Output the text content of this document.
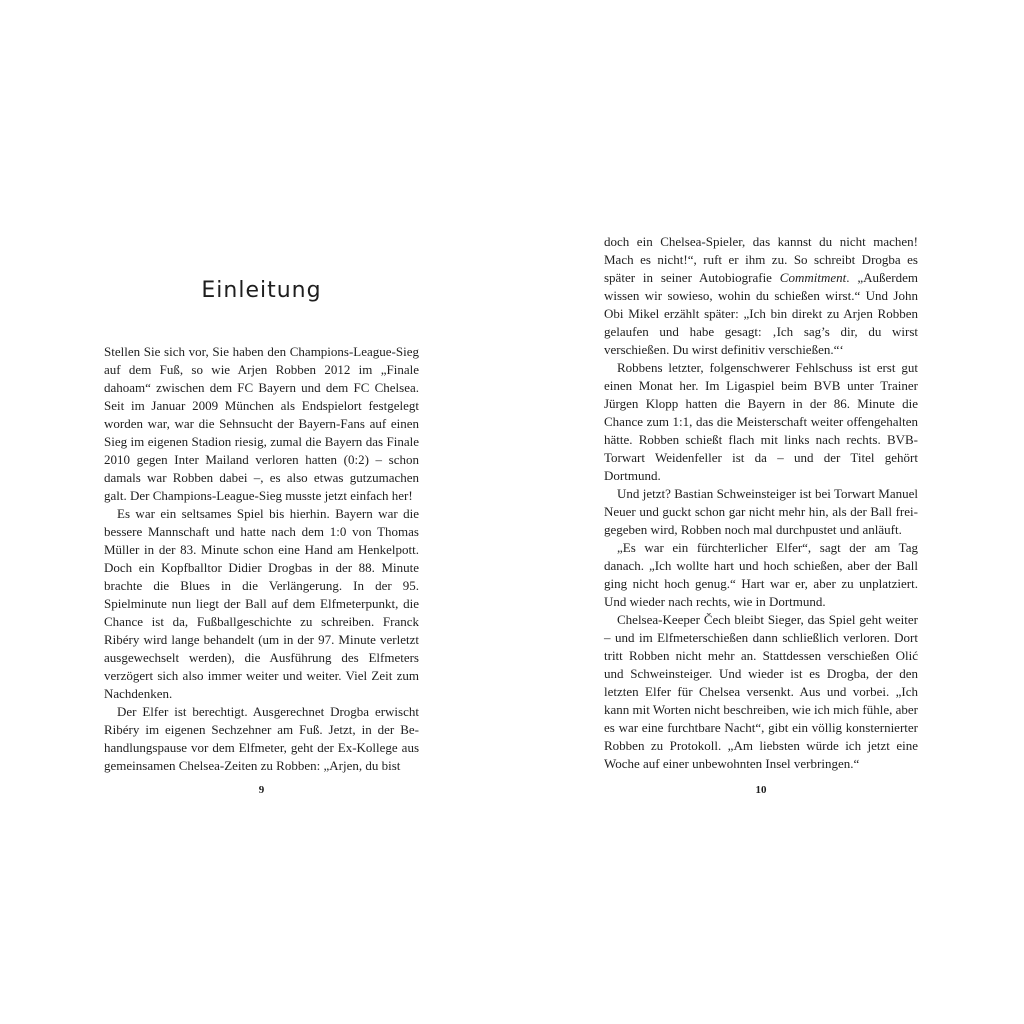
Einleitung

Stellen Sie sich vor, Sie haben den Champions-League-Sieg auf dem Fuß, so wie Arjen Robben 2012 im „Finale dahoam“ zwischen dem FC Bayern und dem FC Chelsea. Seit im Januar 2009 München als Endspielort festgelegt worden war, war die Sehnsucht der Bayern-Fans auf einen Sieg im eigenen Stadion riesig, zumal die Bayern das Finale 2010 gegen Inter Mailand verloren hatten (0:2) – schon damals war Robben dabei –, es also etwas gutzumachen galt. Der Champions-League-Sieg musste jetzt einfach her!

Es war ein seltsames Spiel bis hierhin. Bayern war die bessere Mannschaft und hatte nach dem 1:0 von Thomas Müller in der 83. Minute schon eine Hand am Henkelpott. Doch ein Kopfballtor Didier Drogbas in der 88. Minute brachte die Blues in die Verlängerung. In der 95. Spielminute nun liegt der Ball auf dem Elfmeterpunkt, die Chance ist da, Fußballgeschichte zu schreiben. Franck Ribéry wird lange behandelt (um in der 97. Minute verletzt ausgewechselt werden), die Ausführung des Elfmeters verzögert sich also immer weiter und weiter. Viel Zeit zum Nachdenken.

Der Elfer ist berechtigt. Ausgerechnet Drogba erwischt Ribéry im eigenen Sechzehner am Fuß. Jetzt, in der Behandlungspause vor dem Elfmeter, geht der Ex-Kollege aus gemeinsamen Chelsea-Zeiten zu Robben: „Arjen, du bist

9

doch ein Chelsea-Spieler, das kannst du nicht machen! Mach es nicht!“, ruft er ihm zu. So schreibt Drogba es später in seiner Autobiografie Commitment. „Außerdem wissen wir sowieso, wohin du schießen wirst.“ Und John Obi Mikel erzählt später: „Ich bin direkt zu Arjen Robben gelaufen und habe gesagt: ‚Ich sag’s dir, du wirst verschießen. Du wirst definitiv verschießen.“‘

Robbens letzter, folgenschwerer Fehlschuss ist erst gut einen Monat her. Im Ligaspiel beim BVB unter Trainer Jürgen Klopp hatten die Bayern in der 86. Minute die Chance zum 1:1, das die Meisterschaft weiter offengehalten hätte. Robben schießt flach mit links nach rechts. BVB-Torwart Weidenfeller ist da – und der Titel gehört Dortmund.

Und jetzt? Bastian Schweinsteiger ist bei Torwart Manuel Neuer und guckt schon gar nicht mehr hin, als der Ball freigegeben wird, Robben noch mal durchpustet und anläuft.

„Es war ein fürchterlicher Elfer“, sagt der am Tag danach. „Ich wollte hart und hoch schießen, aber der Ball ging nicht hoch genug.“ Hart war er, aber zu unplatziert. Und wieder nach rechts, wie in Dortmund.

Chelsea-Keeper Čech bleibt Sieger, das Spiel geht weiter – und im Elfmeterschießen dann schließlich verloren. Dort tritt Robben nicht mehr an. Stattdessen verschießen Olić und Schweinsteiger. Und wieder ist es Drogba, der den letzten Elfer für Chelsea versenkt. Aus und vorbei. „Ich kann mit Worten nicht beschreiben, wie ich mich fühle, aber es war eine furchtbare Nacht“, gibt ein völlig konsternierter Robben zu Protokoll. „Am liebsten würde ich jetzt eine Woche auf einer unbewohnten Insel verbringen.“

10
